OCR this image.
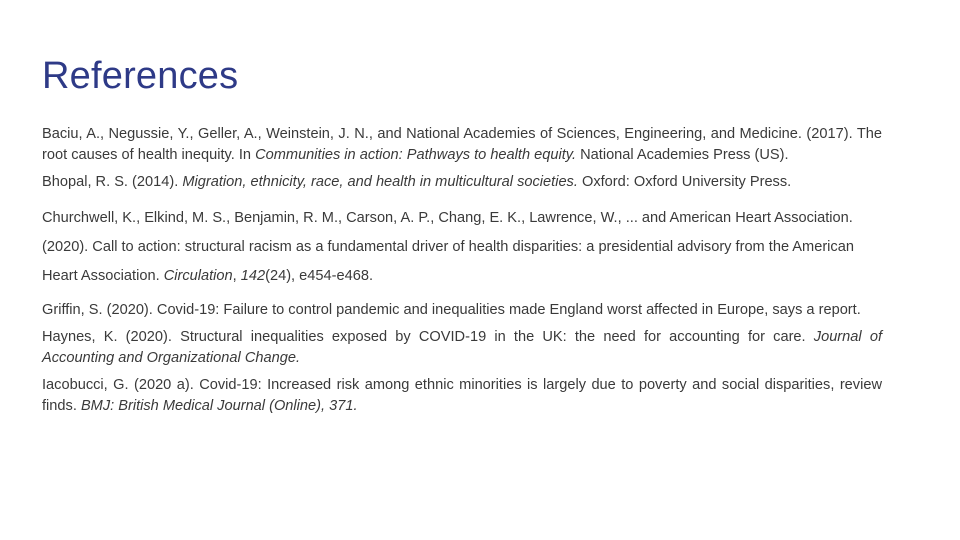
References

Baciu, A., Negussie, Y., Geller, A., Weinstein, J. N., and National Academies of Sciences, Engineering, and Medicine. (2017). The root causes of health inequity. In Communities in action: Pathways to health equity. National Academies Press (US).

Bhopal, R. S. (2014). Migration, ethnicity, race, and health in multicultural societies. Oxford: Oxford University Press.

Churchwell, K., Elkind, M. S., Benjamin, R. M., Carson, A. P., Chang, E. K., Lawrence, W., ... and American Heart Association. (2020). Call to action: structural racism as a fundamental driver of health disparities: a presidential advisory from the American Heart Association. Circulation, 142(24), e454-e468.

Griffin, S. (2020). Covid-19: Failure to control pandemic and inequalities made England worst affected in Europe, says a report.

Haynes, K. (2020). Structural inequalities exposed by COVID-19 in the UK: the need for accounting for care. Journal of Accounting and Organizational Change.

Iacobucci, G. (2020 a). Covid-19: Increased risk among ethnic minorities is largely due to poverty and social disparities, review finds. BMJ: British Medical Journal (Online), 371.
